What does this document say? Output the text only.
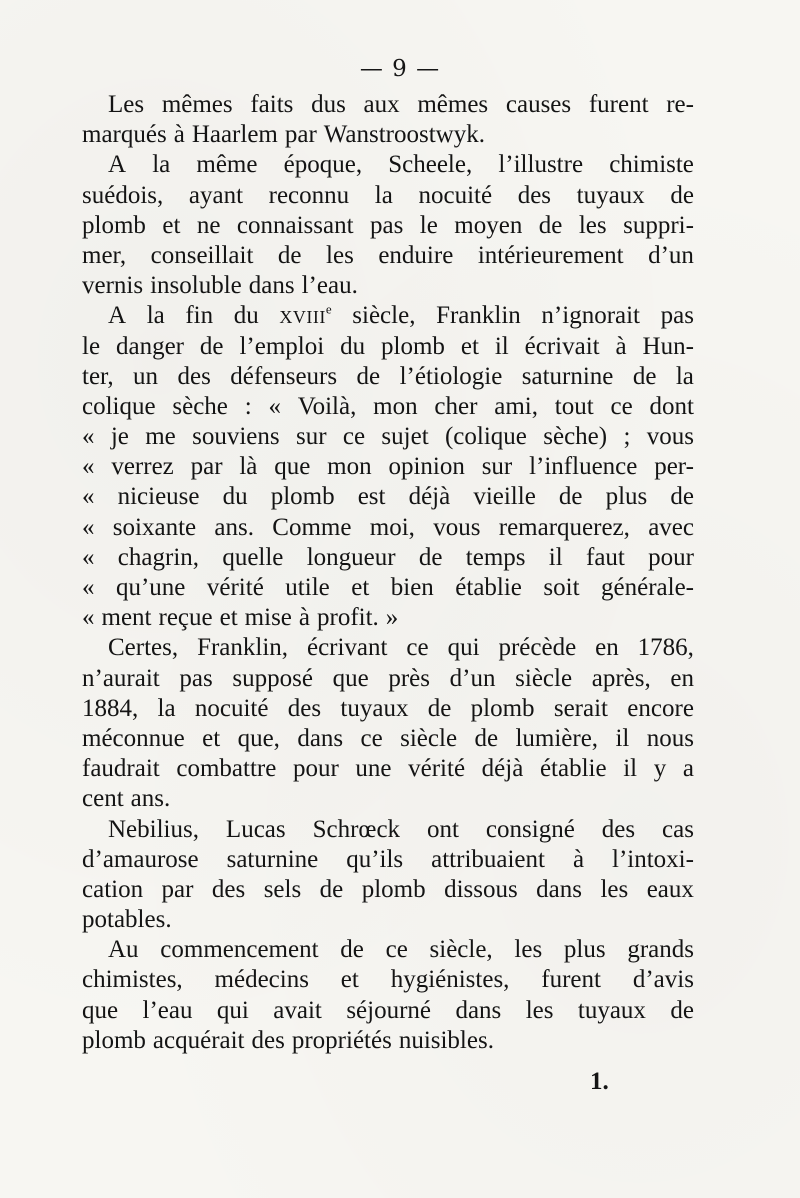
— 9 —
Les mêmes faits dus aux mêmes causes furent re-
marqués à Haarlem par Wanstroostwyk.
A la même époque, Scheele, l’illustre chimiste
suédois, ayant reconnu la nocuité des tuyaux de
plomb et ne connaissant pas le moyen de les suppri-
mer, conseillait de les enduire intérieurement d’un
vernis insoluble dans l’eau.
A la fin du xviii$^e$ siècle, Franklin n’ignorait pas
le danger de l’emploi du plomb et il écrivait à Hun-
ter, un des défenseurs de l’étiologie saturnine de la
colique sèche : « Voilà, mon cher ami, tout ce dont
« je me souviens sur ce sujet (colique sèche) ; vous
« verrez par là que mon opinion sur l’influence per-
« nicieuse du plomb est déjà vieille de plus de
« soixante ans. Comme moi, vous remarquerez, avec
« chagrin, quelle longueur de temps il faut pour
« qu’une vérité utile et bien établie soit générale-
« ment reçue et mise à profit. »
Certes, Franklin, écrivant ce qui précède en 1786,
n’aurait pas supposé que près d’un siècle après, en
1884, la nocuité des tuyaux de plomb serait encore
méconnue et que, dans ce siècle de lumière, il nous
faudrait combattre pour une vérité déjà établie il y a
cent ans.
Nebilius, Lucas Schrœck ont consigné des cas
d’amaurose saturnine qu’ils attribuaient à l’intoxi-
cation par des sels de plomb dissous dans les eaux
potables.
Au commencement de ce siècle, les plus grands
chimistes, médecins et hygiénistes, furent d’avis
que l’eau qui avait séjourné dans les tuyaux de
plomb acquérait des propriétés nuisibles.
1.
